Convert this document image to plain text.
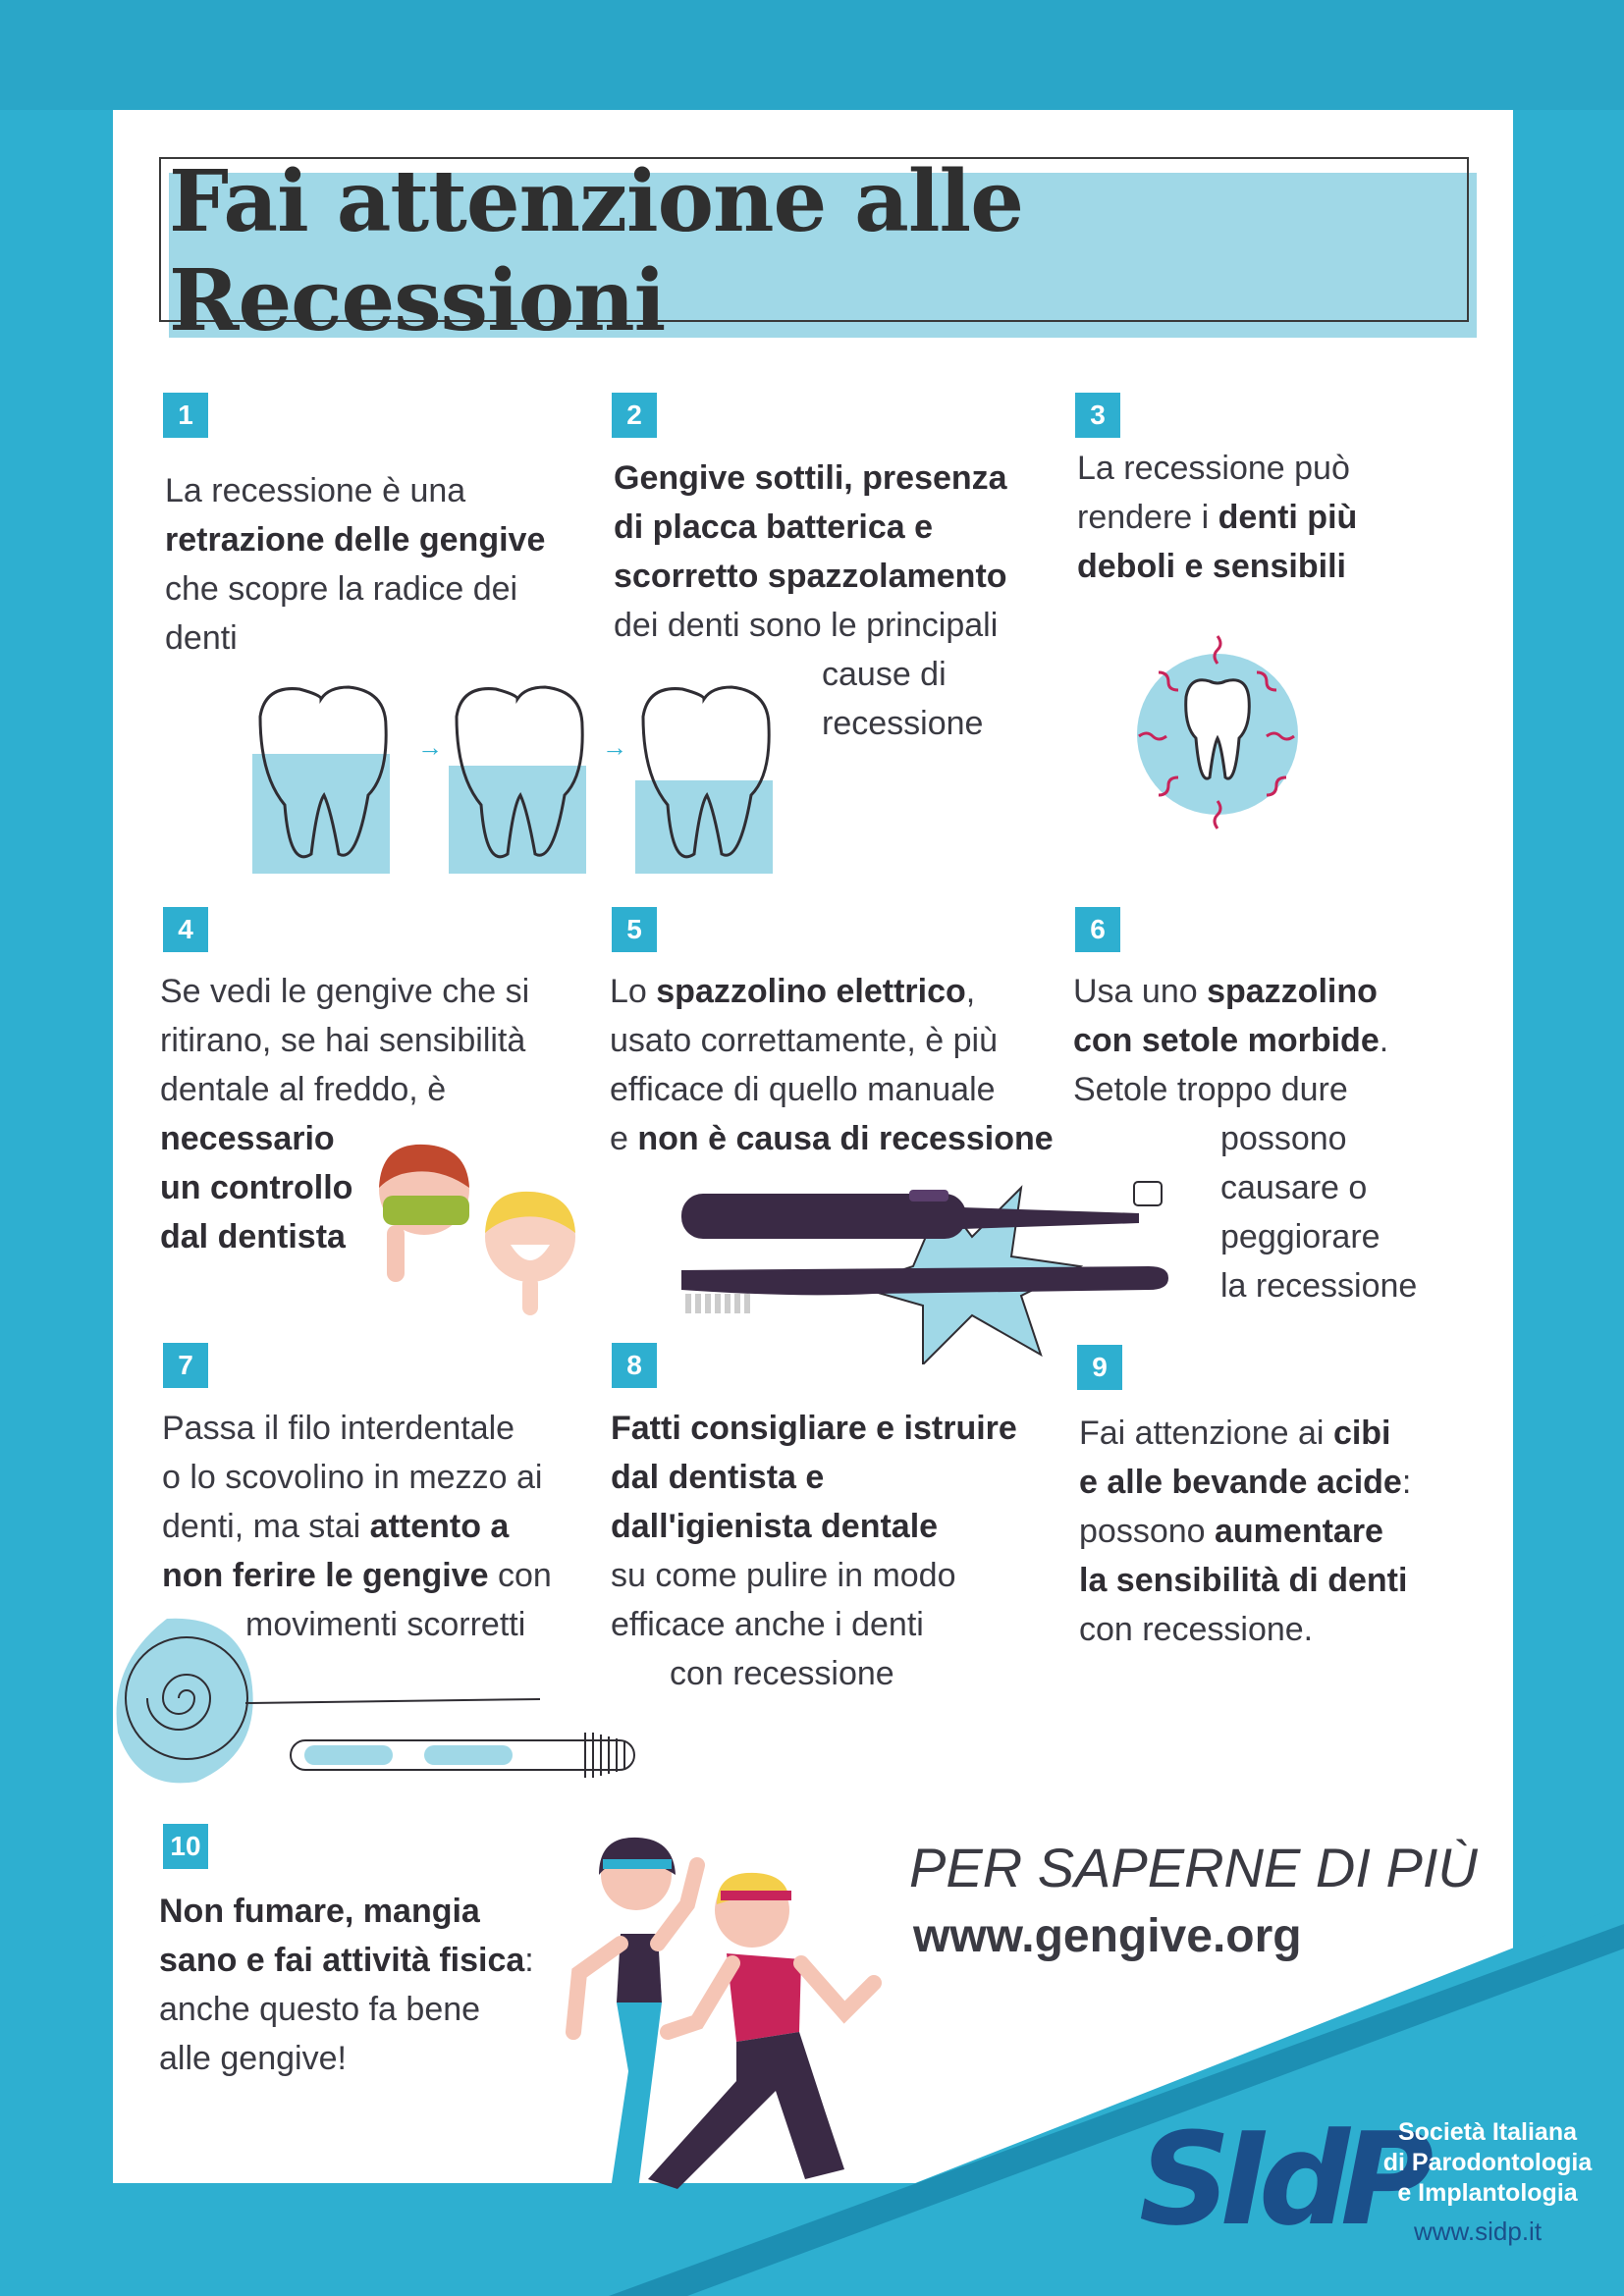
Fai attenzione alle Recessioni
1	2	3
4	5	6
7	8	9
10
La recessione è una
retrazione delle gengive
che scopre la radice dei
denti
Gengive sottili, presenza
di placca batterica e
scorretto spazzolamento
dei denti sono le principali
cause di
recessione
La recessione può
rendere i denti più
deboli e sensibili
Se vedi le gengive che si
ritirano, se hai sensibilità
dentale al freddo, è
necessario
un controllo
dal dentista
Lo spazzolino elettrico,
usato correttamente, è più
efficace di quello manuale
e non è causa di recessione
Usa uno spazzolino
con setole morbide.
Setole troppo dure
possono
causare o
peggiorare
la recessione
Passa il filo interdentale
o lo scovolino in mezzo ai
denti, ma stai attento a
non ferire le gengive con
movimenti scorretti
Fatti consigliare e istruire
dal dentista e
dall'igienista dentale
su come pulire in modo
efficace anche i denti
con recessione
Fai attenzione ai cibi
e alle bevande acide:
possono aumentare
la sensibilità di denti
con recessione.
Non fumare, mangia
sano e fai attività fisica:
anche questo fa bene
alle gengive!
→	→
PER SAPERNE DI PIÙ
www.gengive.org
SIdP
Società Italiana
di Parodontologia
e Implantologia
www.sidp.it
